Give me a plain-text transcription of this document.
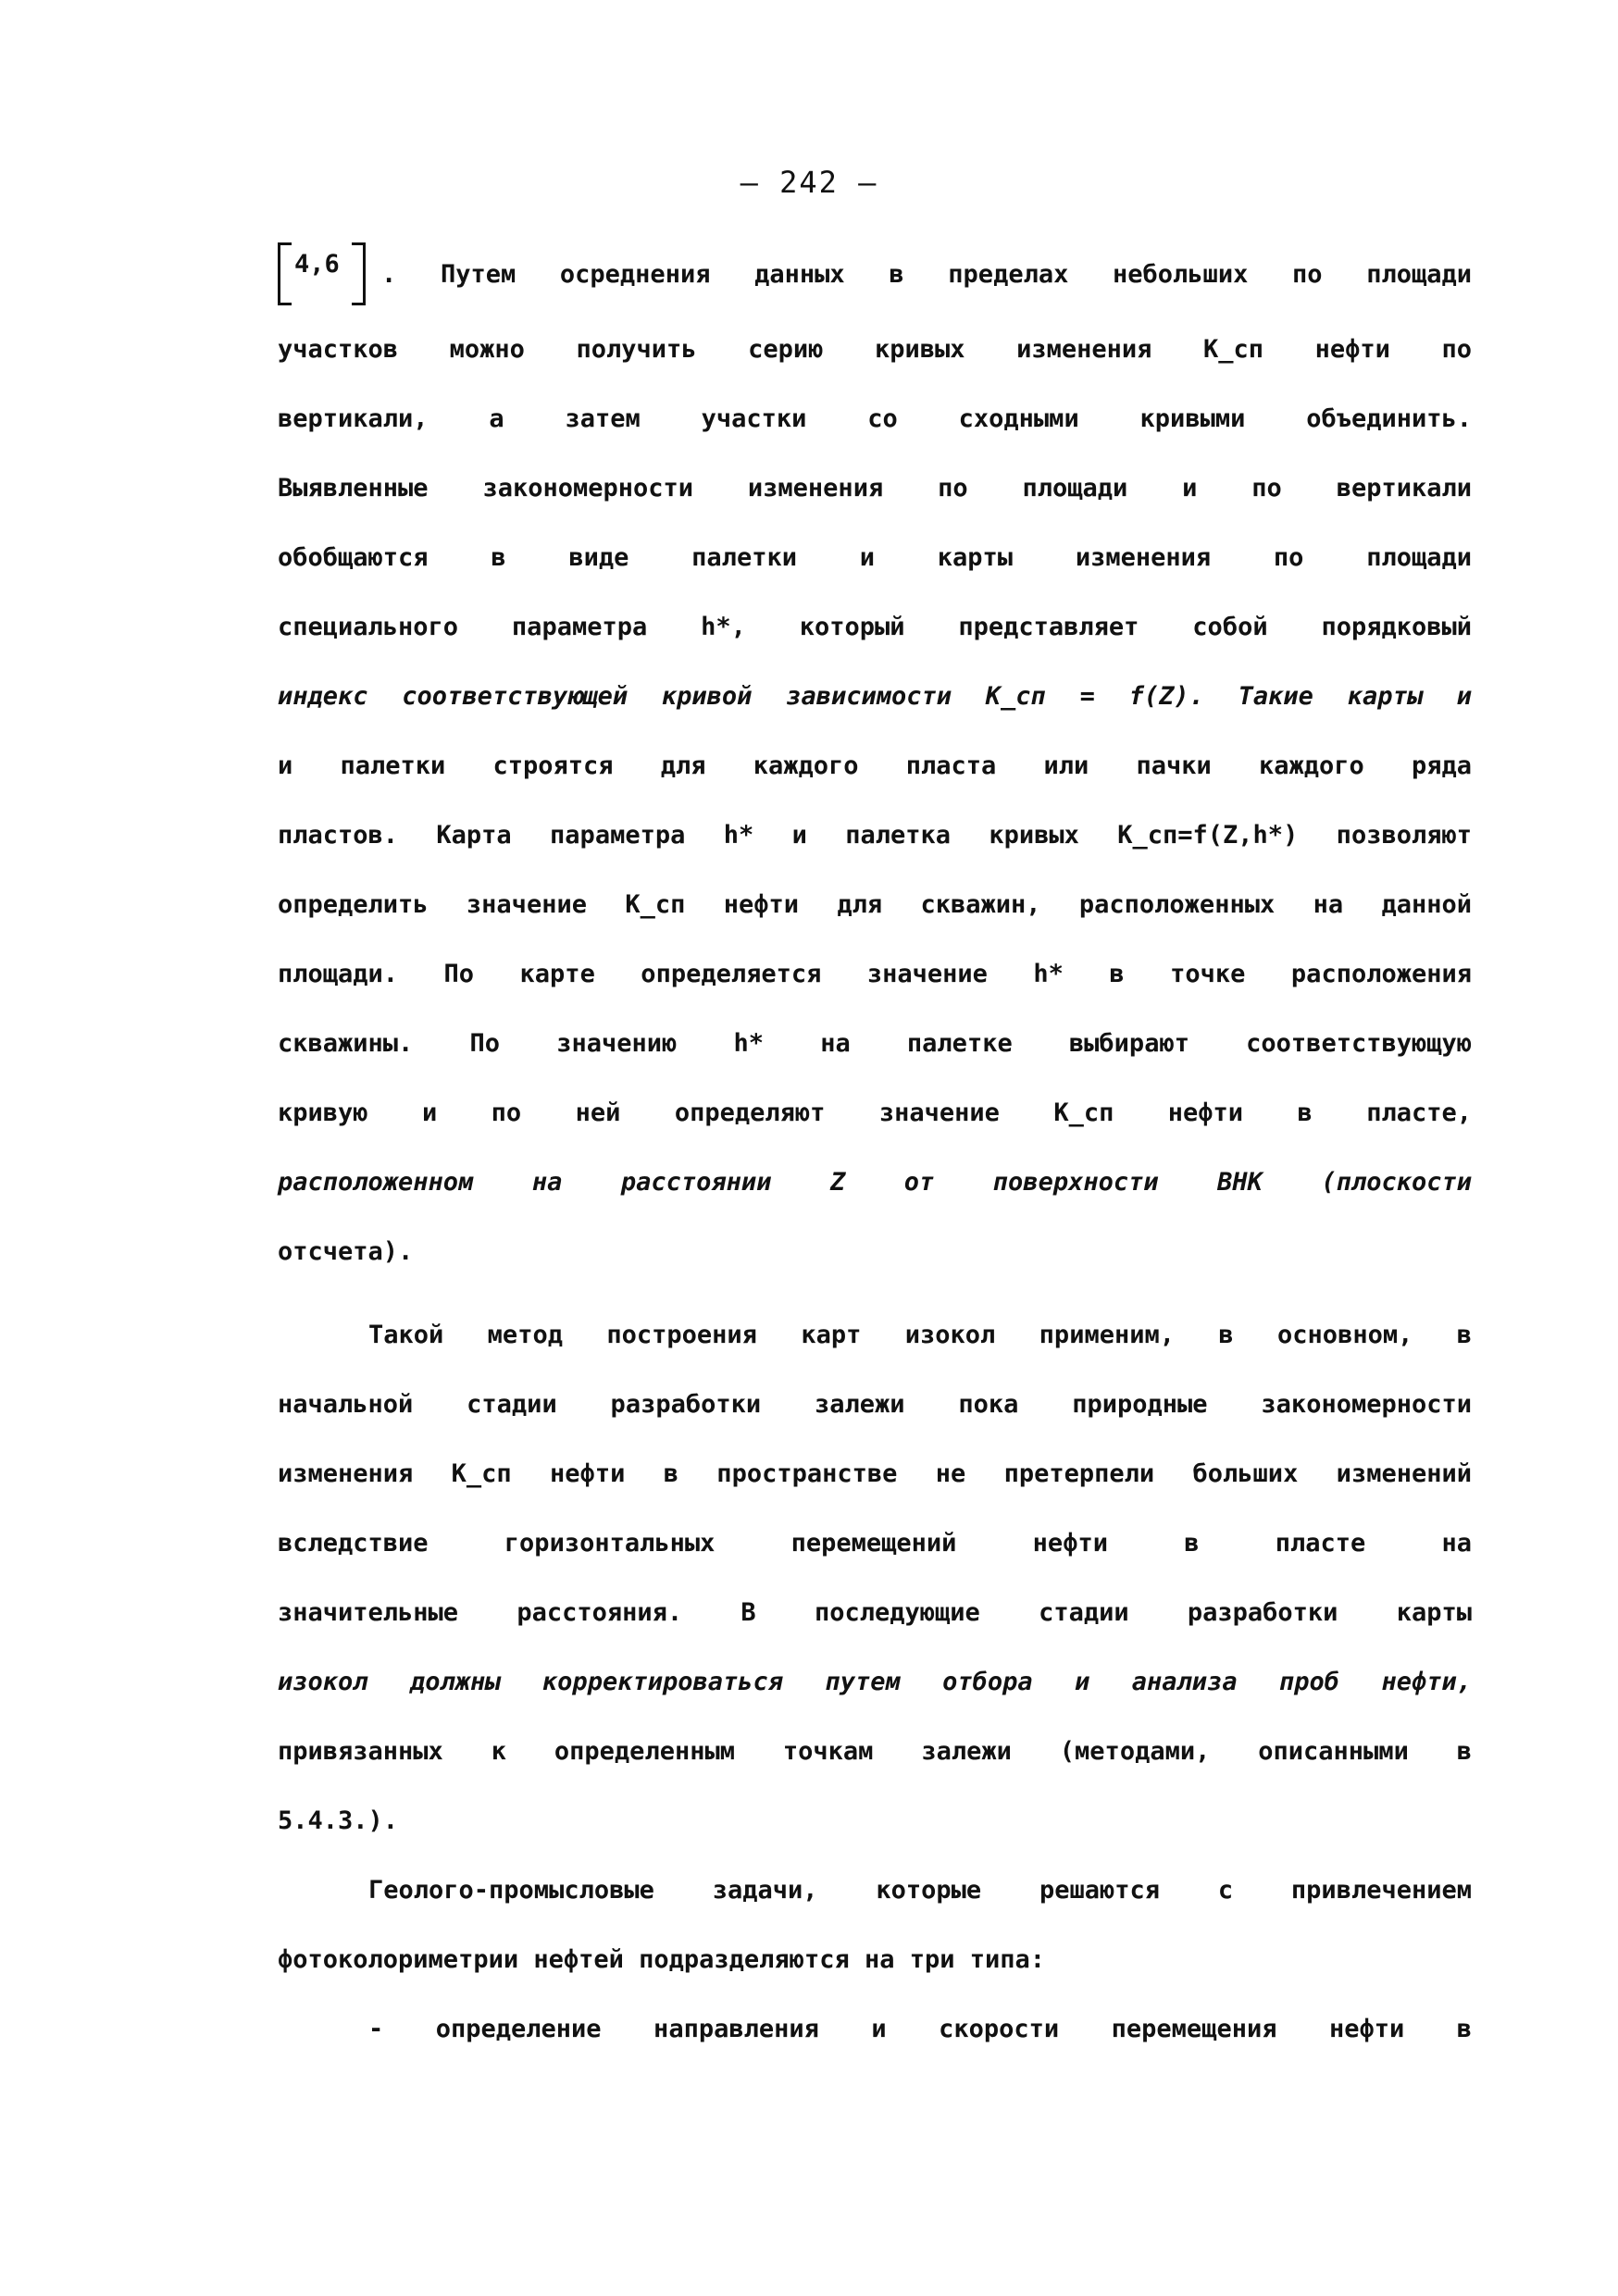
— 242 —
4,6 . Путем осреднения данных в пределах небольших по площади
участков можно получить серию кривых изменения K_сп нефти по
вертикали, а затем участки со сходными кривыми объединить.
Выявленные закономерности изменения по площади и по вертикали
обобщаются в виде палетки и карты изменения по площади
специального параметра h*, который представляет собой порядковый
индекс соответствующей кривой зависимости K_сп = f(Z). Такие карты и
и палетки строятся для каждого пласта или пачки каждого ряда
пластов. Карта параметра h* и палетка кривых K_сп=f(Z,h*) позволяют
определить значение K_сп нефти для скважин, расположенных на данной
площади. По карте определяется значение h* в точке расположения
скважины. По значению h* на палетке выбирают соответствующую
кривую и по ней определяют значение K_сп нефти в пласте,
расположенном на расстоянии Z от поверхности ВНК (плоскости
отсчета).
Такой метод построения карт изокол применим, в основном, в
начальной стадии разработки залежи пока природные закономерности
изменения K_сп нефти в пространстве не претерпели больших изменений
вследствие горизонтальных перемещений нефти в пласте на
значительные расстояния. В последующие стадии разработки карты
изокол должны корректироваться путем отбора и анализа проб нефти,
привязанных к определенным точкам залежи (методами, описанными в
5.4.3.).
Геолого-промысловые задачи, которые решаются с привлечением
фотоколориметрии нефтей подразделяются на три типа:
- определение направления и скорости перемещения нефти в
